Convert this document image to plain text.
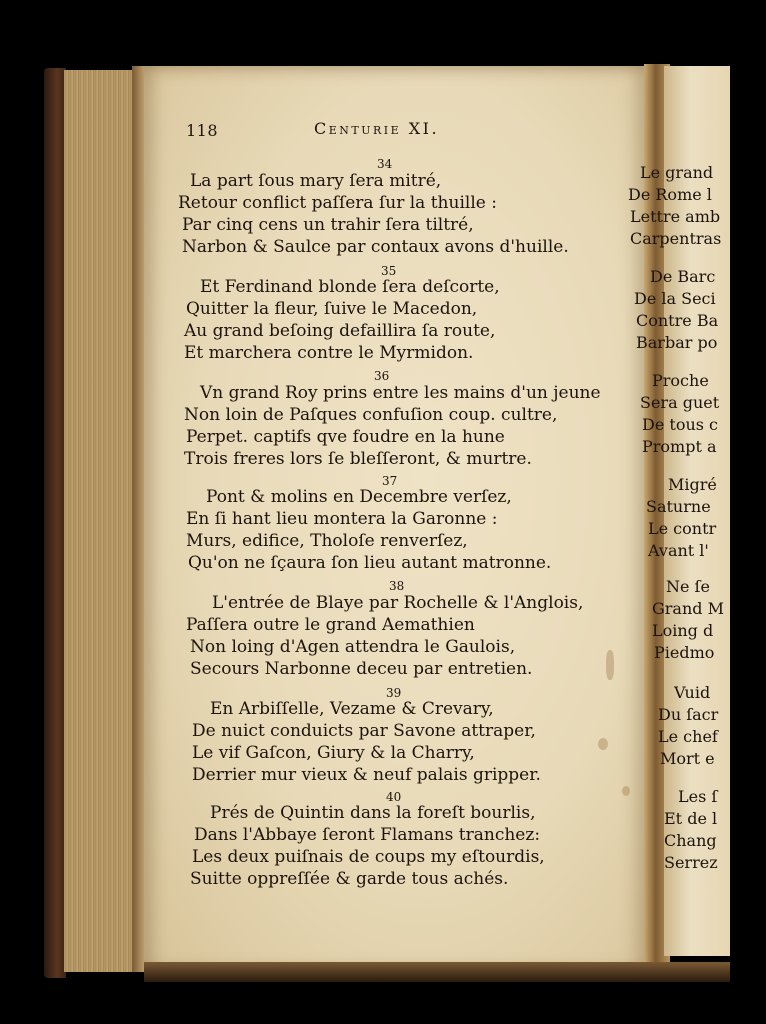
118	Centurie XI.
34
La part ſous mary ſera mitré,
Retour conflict paſſera ſur la thuille :
Par cinq cens un trahir ſera tiltré,
Narbon & Saulce par contaux avons d'huille.
35
Et Ferdinand blonde ſera deſcorte,
Quitter la fleur, ſuive le Macedon,
Au grand beſoing defaillira ſa route,
Et marchera contre le Myrmidon.
36
Vn grand Roy prins entre les mains d'un jeune
Non loin de Paſques confuſion coup. cultre,
Perpet. captifs qve foudre en la hune
Trois freres lors ſe bleſſeront, & murtre.
37
Pont & molins en Decembre verſez,
En ſi hant lieu montera la Garonne :
Murs, edifice, Tholoſe renverſez,
Qu'on ne ſçaura ſon lieu autant matronne.
38
L'entrée de Blaye par Rochelle & l'Anglois,
Paſſera outre le grand Aemathien
Non loing d'Agen attendra le Gaulois,
Secours Narbonne deceu par entretien.
39
En Arbiſſelle, Vezame & Crevary,
De nuict conduicts par Savone attraper,
Le vif Gaſcon, Giury & la Charry,
Derrier mur vieux & neuf palais gripper.
40
Prés de Quintin dans la foreſt bourlis,
Dans l'Abbaye ſeront Flamans tranchez:
Les deux puiſnais de coups my eſtourdis,
Suitte oppreſſée & garde tous achés.
Le grand
De Rome l
Lettre amb
Carpentras
De Barc
De la Seci
Contre Ba
Barbar po
Proche
Sera guet
De tous c
Prompt a
Migré
Saturne
Le contr
Avant l'
Ne ſe
Grand M
Loing d
Piedmo
Vuid
Du ſacr
Le chef
Mort e
Les ſ
Et de l
Chang
Serrez
